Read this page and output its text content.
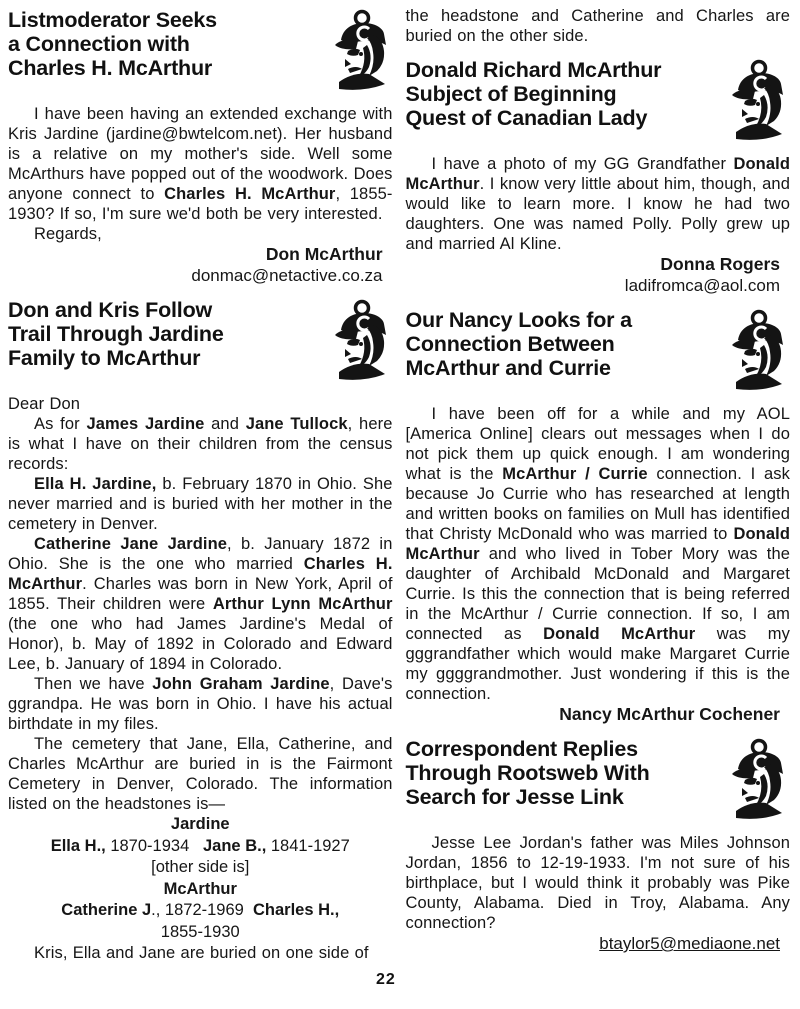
Listmoderator Seeks
a Connection with
Charles H. McArthur

I have been having an extended exchange with Kris Jardine (jardine@bwtelcom.net). Her husband is a relative on my mother's side. Well some McArthurs have popped out of the woodwork. Does anyone connect to Charles H. McArthur, 1855-1930? If so, I'm sure we'd both be very interested.

Regards,

Don McArthur
donmac@netactive.co.za
Don and Kris Follow
Trail Through Jardine
Family to McArthur

Dear Don

As for James Jardine and Jane Tullock, here is what I have on their children from the census records:

Ella H. Jardine, b. February 1870 in Ohio. She never married and is buried with her mother in the cemetery in Denver.

Catherine Jane Jardine, b. January 1872 in Ohio. She is the one who married Charles H. McArthur. Charles was born in New York, April of 1855. Their children were Arthur Lynn McArthur (the one who had James Jardine's Medal of Honor), b. May of 1892 in Colorado and Edward Lee, b. January of 1894 in Colorado.

Then we have John Graham Jardine, Dave's ggrandpa. He was born in Ohio. I have his actual birthdate in my files.

The cemetery that Jane, Ella, Catherine, and Charles McArthur are buried in is the Fairmont Cemetery in Denver, Colorado. The information listed on the headstones is—

Jardine
Ella H., 1870-1934   Jane B., 1841-1927
[other side is]
McArthur
Catherine J., 1872-1969  Charles H.,
1855-1930

Kris, Ella and Jane are buried on one side of

the headstone and Catherine and Charles are buried on the other side.

Donald Richard McArthur
Subject of Beginning
Quest of Canadian Lady

I have a photo of my GG Grandfather Donald McArthur. I know very little about him, though, and would like to learn more. I know he had two daughters. One was named Polly. Polly grew up and married Al Kline.

Donna Rogers
ladifromca@aol.com
Our Nancy Looks for a
Connection Between
McArthur and Currie

I have been off for a while and my AOL [America Online] clears out messages when I do not pick them up quick enough. I am wondering what is the McArthur / Currie connection. I ask because Jo Currie who has researched at length and written books on families on Mull has identified that Christy McDonald who was married to Donald McArthur and who lived in Tober Mory was the daughter of Archibald McDonald and Margaret Currie. Is this the connection that is being referred in the McArthur / Currie connection. If so, I am connected as Donald McArthur was my gggrandfather which would make Margaret Currie my ggggrandmother. Just wondering if this is the connection.

Nancy McArthur Cochener
Correspondent Replies
Through Rootsweb With
Search for Jesse Link

Jesse Lee Jordan's father was Miles Johnson Jordan, 1856 to 12-19-1933. I'm not sure of his birthplace, but I would think it probably was Pike County, Alabama. Died in Troy, Alabama. Any connection?

btaylor5@mediaone.net
22
